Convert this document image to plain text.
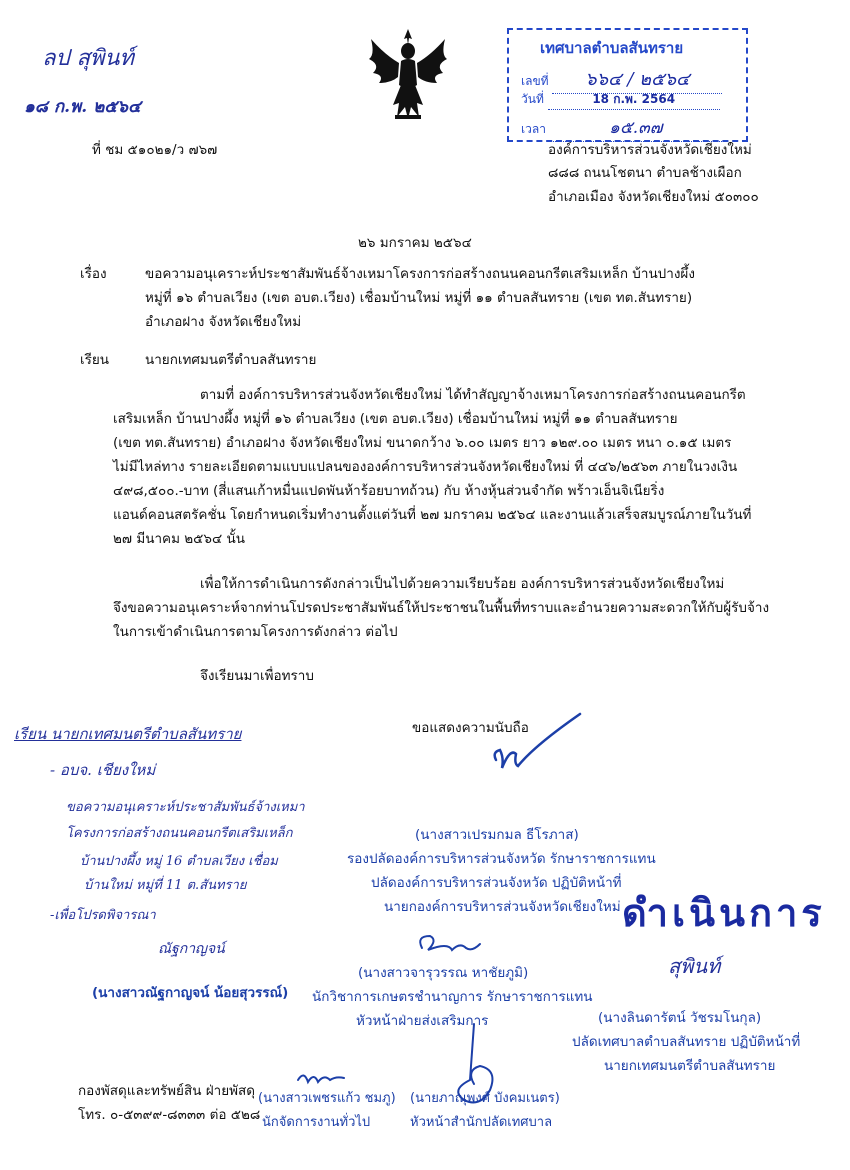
ลป สุพินท์
๑๘ ก.พ. ๒๕๖๔
เทศบาลตำบลสันทราย
เลขที่ ๖๖๔ / ๒๕๖๔
วันที่	18 ก.พ. 2564
เวลา	๑๕.๓๗
ที่ ชม ๕๑๐๒๑/ว ๗๖๗	องค์การบริหารส่วนจังหวัดเชียงใหม่
๘๘๘ ถนนโชตนา ตำบลช้างเผือก
อำเภอเมือง จังหวัดเชียงใหม่ ๕๐๓๐๐
๒๖ มกราคม ๒๕๖๔
เรื่อง	ขอความอนุเคราะห์ประชาสัมพันธ์จ้างเหมาโครงการก่อสร้างถนนคอนกรีตเสริมเหล็ก บ้านปางผึ้ง
หมู่ที่ ๑๖ ตำบลเวียง (เขต อบต.เวียง) เชื่อมบ้านใหม่ หมู่ที่ ๑๑ ตำบลสันทราย (เขต ทต.สันทราย)
อำเภอฝาง จังหวัดเชียงใหม่
เรียน	นายกเทศมนตรีตำบลสันทราย
ตามที่ องค์การบริหารส่วนจังหวัดเชียงใหม่ ได้ทำสัญญาจ้างเหมาโครงการก่อสร้างถนนคอนกรีต
เสริมเหล็ก บ้านปางผึ้ง หมู่ที่ ๑๖ ตำบลเวียง (เขต อบต.เวียง) เชื่อมบ้านใหม่ หมู่ที่ ๑๑ ตำบลสันทราย
(เขต ทต.สันทราย) อำเภอฝาง จังหวัดเชียงใหม่ ขนาดกว้าง ๖.๐๐ เมตร ยาว ๑๒๙.๐๐ เมตร หนา ๐.๑๕ เมตร
ไม่มีไหล่ทาง รายละเอียดตามแบบแปลนขององค์การบริหารส่วนจังหวัดเชียงใหม่ ที่ ๔๔๖/๒๕๖๓ ภายในวงเงิน
๔๙๘,๕๐๐.-บาท (สี่แสนเก้าหมื่นแปดพันห้าร้อยบาทถ้วน) กับ ห้างหุ้นส่วนจำกัด พร้าวเอ็นจิเนียริ่ง
แอนด์คอนสตรัคชั่น โดยกำหนดเริ่มทำงานตั้งแต่วันที่ ๒๗ มกราคม ๒๕๖๔ และงานแล้วเสร็จสมบูรณ์ภายในวันที่
๒๗ มีนาคม ๒๕๖๔ นั้น
เพื่อให้การดำเนินการดังกล่าวเป็นไปด้วยความเรียบร้อย องค์การบริหารส่วนจังหวัดเชียงใหม่
จึงขอความอนุเคราะห์จากท่านโปรดประชาสัมพันธ์ให้ประชาชนในพื้นที่ทราบและอำนวยความสะดวกให้กับผู้รับจ้าง
ในการเข้าดำเนินการตามโครงการดังกล่าว ต่อไป
จึงเรียนมาเพื่อทราบ
ขอแสดงความนับถือ
(นางสาวเปรมกมล ธีโรภาส)
รองปลัดองค์การบริหารส่วนจังหวัด รักษาราชการแทน
ปลัดองค์การบริหารส่วนจังหวัด ปฏิบัติหน้าที่
นายกองค์การบริหารส่วนจังหวัดเชียงใหม่
เรียน นายกเทศมนตรีตำบลสันทราย
- อบจ. เชียงใหม่
ขอความอนุเคราะห์ประชาสัมพันธ์จ้างเหมา
โครงการก่อสร้างถนนคอนกรีตเสริมเหล็ก
บ้านปางผึ้ง หมู่ 16 ตำบลเวียง เชื่อม
บ้านใหม่ หมู่ที่ 11 ต.สันทราย
-เพื่อโปรดพิจารณา
ณัฐกาญจน์
(นางสาวณัฐกาญจน์ น้อยสุวรรณ์)
(นางสาวจารุวรรณ หาชัยภูมิ)
นักวิชาการเกษตรชำนาญการ รักษาราชการแทน
หัวหน้าฝ่ายส่งเสริมการ
ดำเนินการ
สุพินท์
(นางลินดารัตน์ วัชรมโนกุล)
ปลัดเทศบาลตำบลสันทราย ปฏิบัติหน้าที่
นายกเทศมนตรีตำบลสันทราย
กองพัสดุและทรัพย์สิน ฝ่ายพัสดุ
โทร. ๐-๕๓๙๙-๘๓๓๓ ต่อ ๕๒๘
(นางสาวเพชรแก้ว ชมภู)
นักจัดการงานทั่วไป
(นายภาณุพงศ์ บังคมเนตร)
หัวหน้าสำนักปลัดเทศบาล
